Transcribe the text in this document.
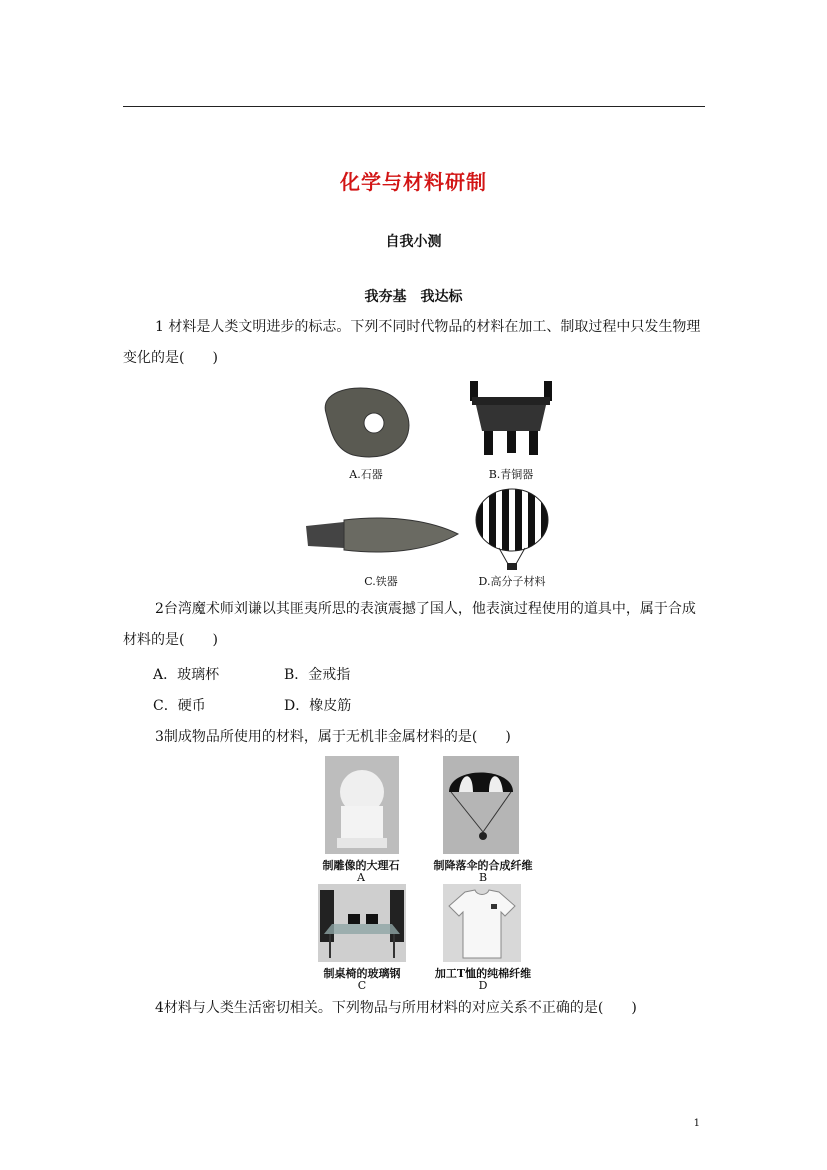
化学与材料研制
自我小测
我夯基　我达标
1 材料是人类文明进步的标志。下列不同时代物品的材料在加工、制取过程中只发生物理变化的是(　　)
A.石器	B.青铜器
C.铁器	D.高分子材料
2台湾魔术师刘谦以其匪夷所思的表演震撼了国人，他表演过程使用的道具中，属于合成材料的是(　　)
A．玻璃杯	B．金戒指
C．硬币	D．橡皮筋
3制成物品所使用的材料，属于无机非金属材料的是(　　)
制雕像的大理石	制降落伞的合成纤维
A	B
制桌椅的玻璃钢	加工T恤的纯棉纤维
C	D
4材料与人类生活密切相关。下列物品与所用材料的对应关系不正确的是(　　)
1
